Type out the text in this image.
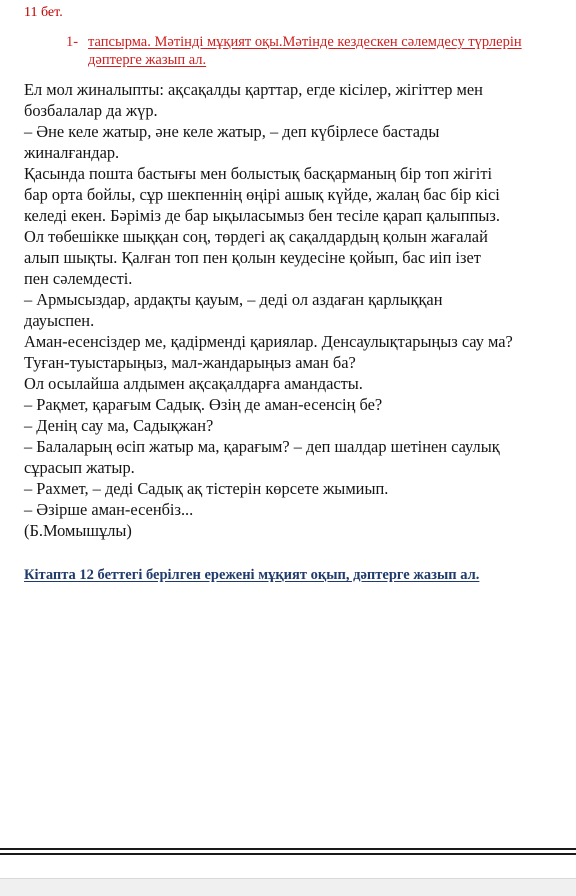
11 бет.
1- тапсырма. Мәтінді мұқият оқы.Мәтінде кездескен сәлемдесу түрлерін дәптерге жазып ал.
Ел мол жиналыпты: ақсақалды қарттар, егде кісілер, жігіттер мен
бозбалалар да жүр.
– Әне келе жатыр, әне келе жатыр, – деп күбірлесе бастады
жиналғандар.
Қасында пошта бастығы мен болыстық басқарманың бір топ жігіті
бар орта бойлы, сұр шекпеннің өңірі ашық күйде, жалаң бас бір кісі
келеді екен. Бәріміз де бар ықыласымыз бен тесіле қарап қалыппыз.
Ол төбешікке шыққан соң, төрдегі ақ сақалдардың қолын жағалай
алып шықты. Қалған топ пен қолын кеудесіне қойып, бас иіп ізет
пен сәлемдесті.
– Армысыздар, ардақты қауым, – деді ол аздаған қарлыққан
дауыспен.
Аман-есенсіздер ме, қадірменді қариялар. Денсаулықтарыңыз сау ма?
Туған-туыстарыңыз, мал-жандарыңыз аман ба?
Ол осылайша алдымен ақсақалдарға амандасты.
– Рақмет, қарағым Садық. Өзің де аман-есенсің бе?
– Денің сау ма, Садықжан?
– Балаларың өсіп жатыр ма, қарағым? – деп шалдар шетінен саулық
сұрасып жатыр.
– Рахмет, – деді Садық ақ тістерін көрсете жымиып.
– Әзірше аман-есенбіз...
(Б.Момышұлы)
Кітапта 12 беттегі берілген ережені мұқият оқып, дәптерге жазып ал.
